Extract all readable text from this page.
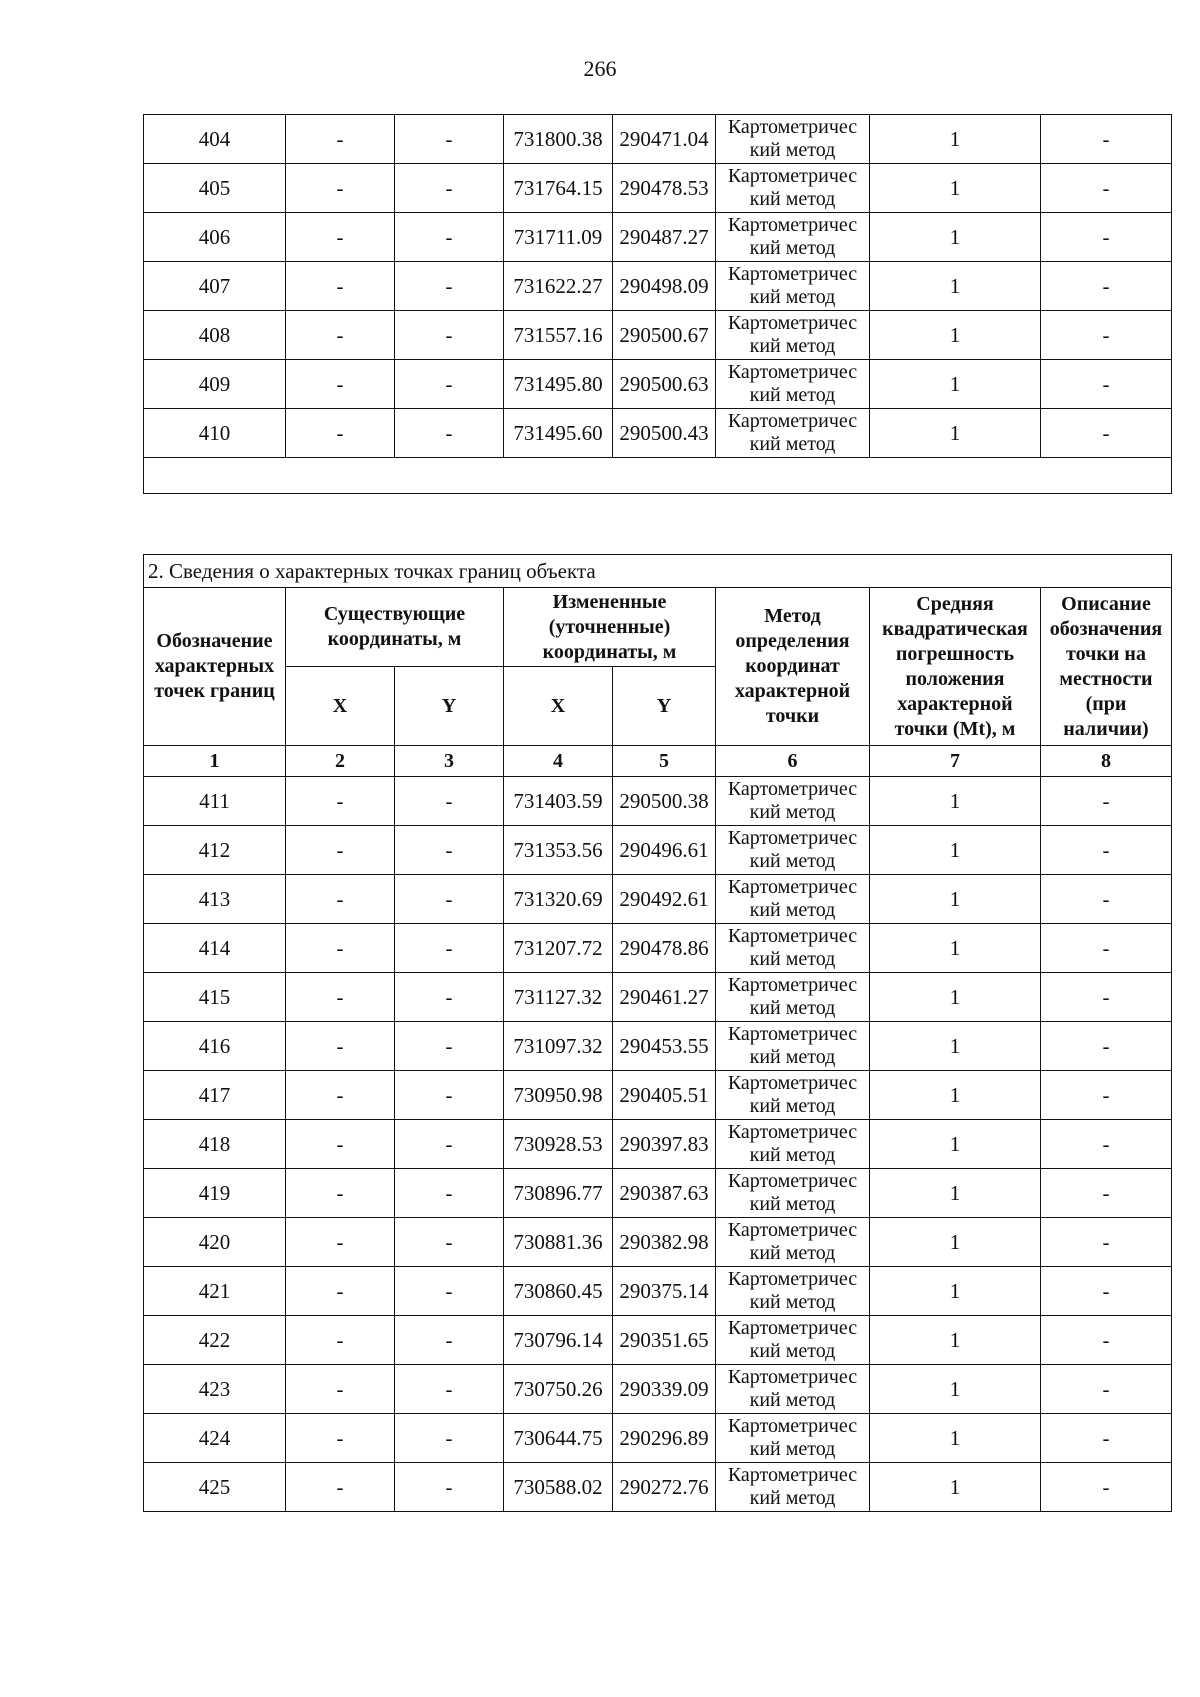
266
404	-	-	731800.38	290471.04	Картометричес кий метод	1	-
405	-	-	731764.15	290478.53	Картометричес кий метод	1	-
406	-	-	731711.09	290487.27	Картометричес кий метод	1	-
407	-	-	731622.27	290498.09	Картометричес кий метод	1	-
408	-	-	731557.16	290500.67	Картометричес кий метод	1	-
409	-	-	731495.80	290500.63	Картометричес кий метод	1	-
410	-	-	731495.60	290500.43	Картометричес кий метод	1	-

2. Сведения о характерных точках границ объекта							
Обозначение характерных точек границ	Существующие координаты, м		Измененные (уточненные) координаты, м		Метод определения координат характерной точки	Средняя квадратическая погрешность положения характерной точки (Mt), м	Описание обозначения точки на местности (при наличии)
	X	Y	X	Y			
1	2	3	4	5	6	7	8
411	-	-	731403.59	290500.38	Картометричес кий метод	1	-
412	-	-	731353.56	290496.61	Картометричес кий метод	1	-
413	-	-	731320.69	290492.61	Картометричес кий метод	1	-
414	-	-	731207.72	290478.86	Картометричес кий метод	1	-
415	-	-	731127.32	290461.27	Картометричес кий метод	1	-
416	-	-	731097.32	290453.55	Картометричес кий метод	1	-
417	-	-	730950.98	290405.51	Картометричес кий метод	1	-
418	-	-	730928.53	290397.83	Картометричес кий метод	1	-
419	-	-	730896.77	290387.63	Картометричес кий метод	1	-
420	-	-	730881.36	290382.98	Картометричес кий метод	1	-
421	-	-	730860.45	290375.14	Картометричес кий метод	1	-
422	-	-	730796.14	290351.65	Картометричес кий метод	1	-
423	-	-	730750.26	290339.09	Картометричес кий метод	1	-
424	-	-	730644.75	290296.89	Картометричес кий метод	1	-
425	-	-	730588.02	290272.76	Картометричес кий метод	1	-
